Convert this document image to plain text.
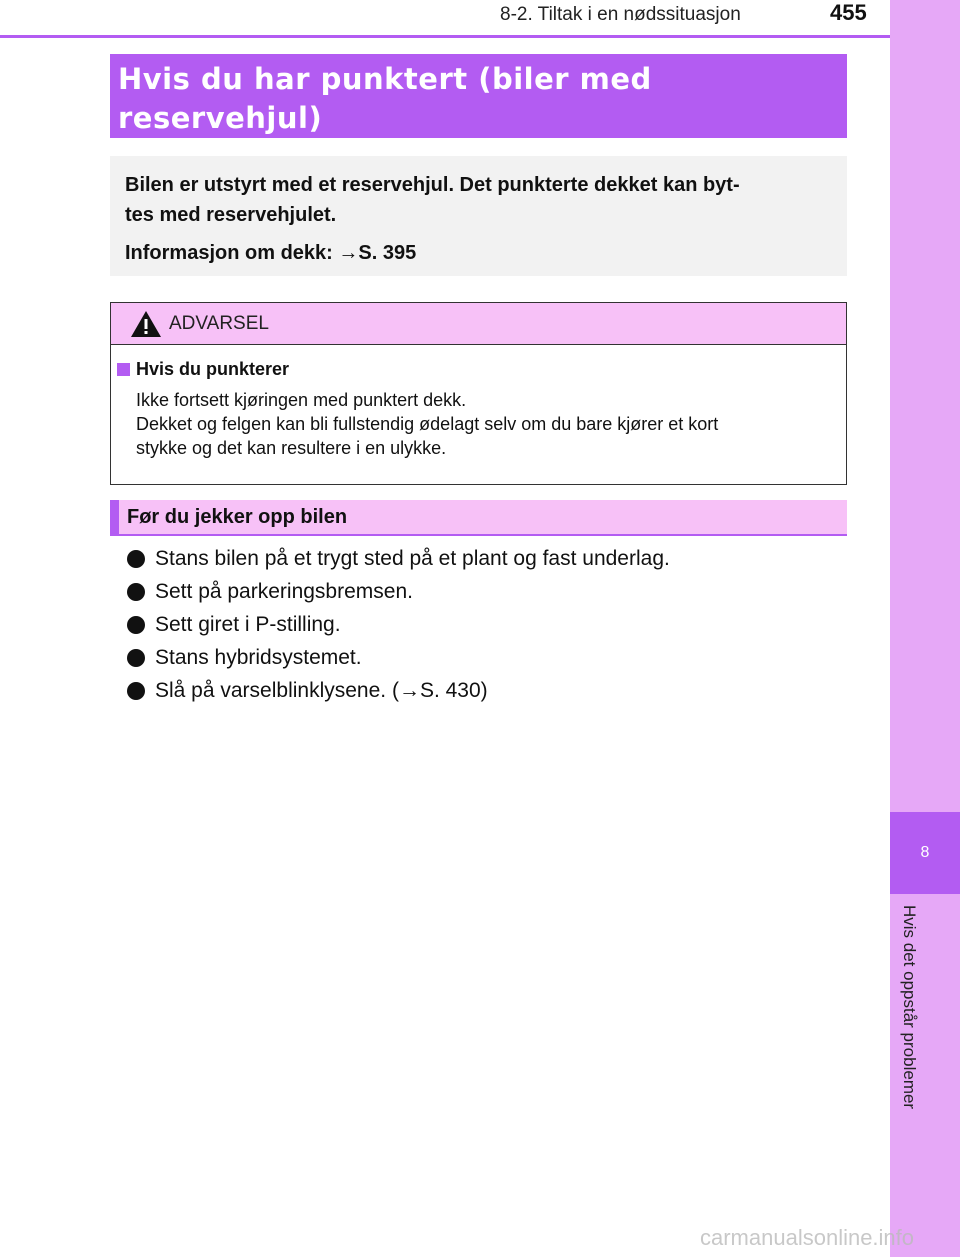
8
Hvis det oppstår problemer
8-2. Tiltak i en nødssituasjon	455
Hvis du har punktert (biler med
reservehjul)

Bilen er utstyrt med et reservehjul. Det punkterte dekket kan byt-

tes med reservehjulet.

Informasjon om dekk: →S. 395

ADVARSEL
Hvis du punkterer
Ikke fortsett kjøringen med punktert dekk.
Dekket og felgen kan bli fullstendig ødelagt selv om du bare kjører et kort
stykke og det kan resultere i en ulykke.
Før du jekker opp bilen
Stans bilen på et trygt sted på et plant og fast underlag.
Sett på parkeringsbremsen.
Sett giret i P-stilling.
Stans hybridsystemet.
Slå på varselblinklysene. ( → S. 430)
carmanualsonline.info
